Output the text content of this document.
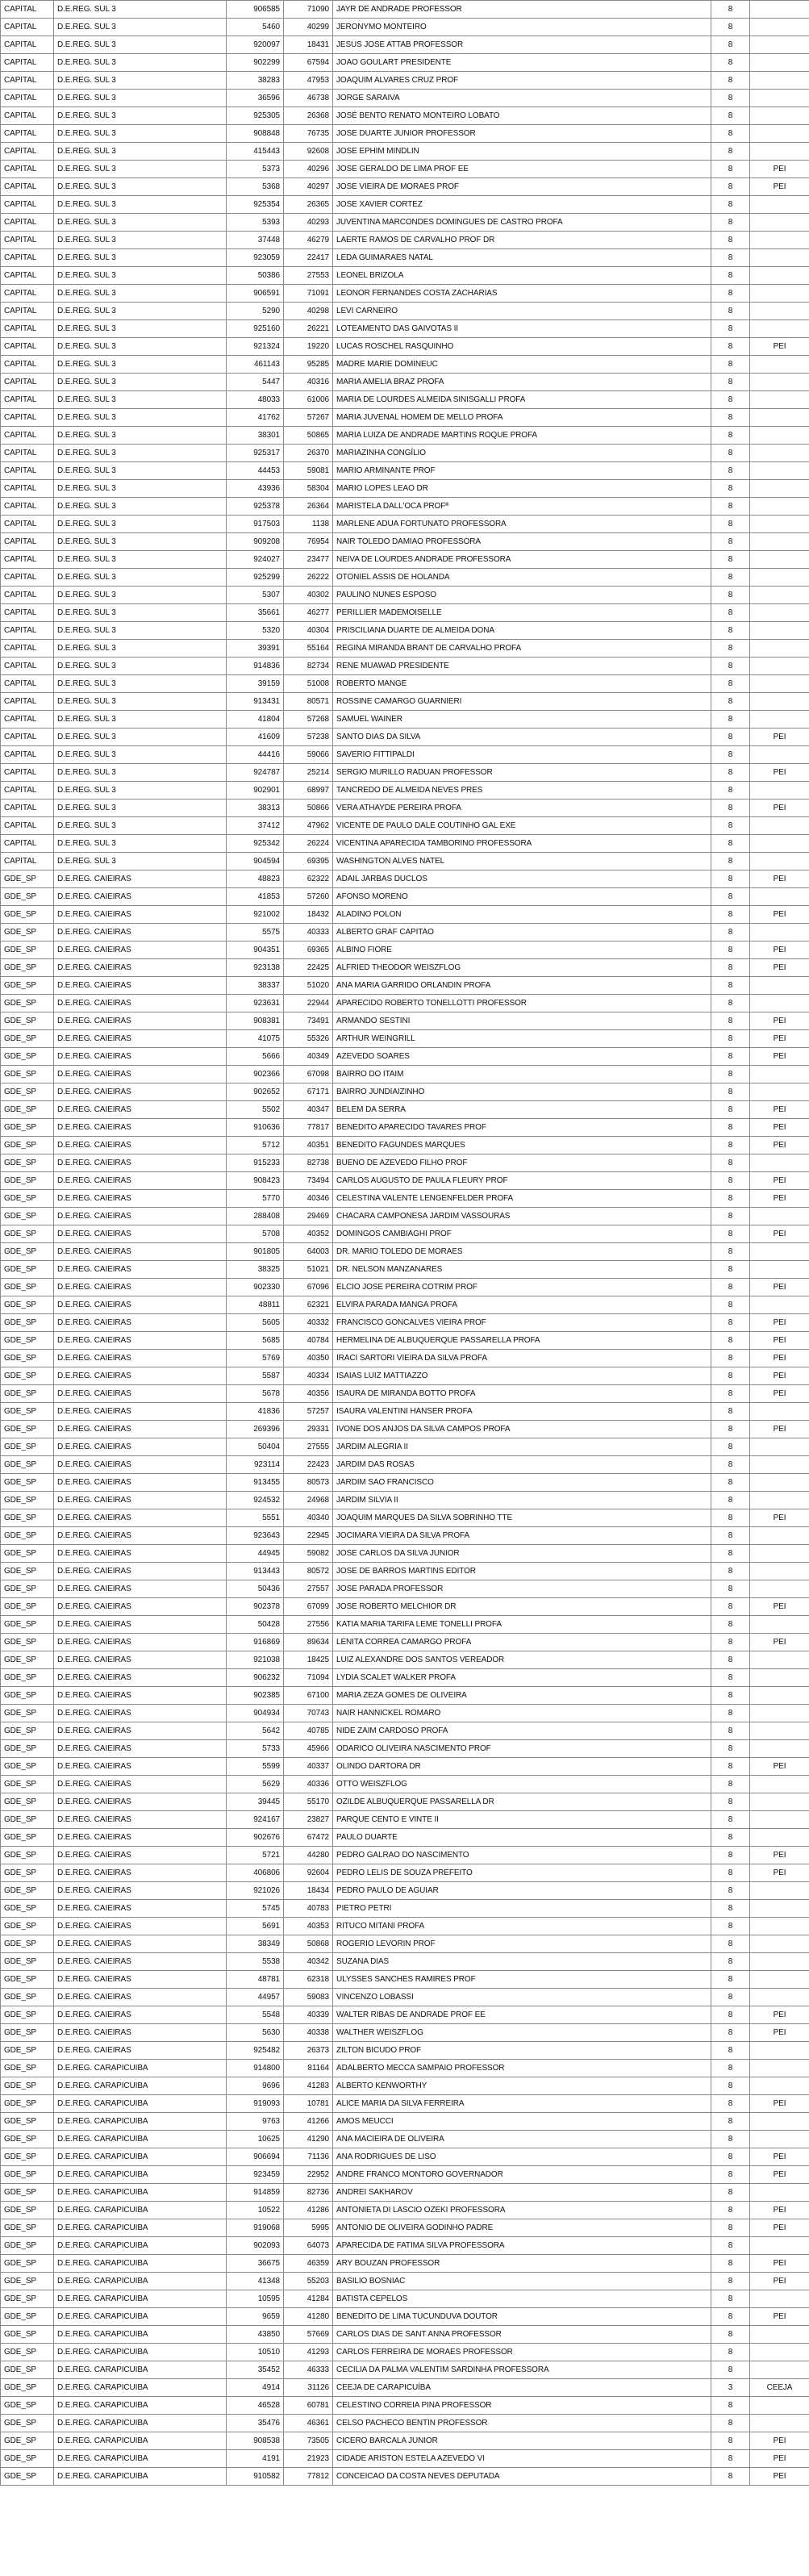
CAPITAL	D.E.REG. SUL 3	906585	71090	JAYR DE ANDRADE PROFESSOR	8	
CAPITAL	D.E.REG. SUL 3	5460	40299	JERONYMO MONTEIRO	8	
CAPITAL	D.E.REG. SUL 3	920097	18431	JESUS JOSE ATTAB PROFESSOR	8	
CAPITAL	D.E.REG. SUL 3	902299	67594	JOAO GOULART PRESIDENTE	8	
CAPITAL	D.E.REG. SUL 3	38283	47953	JOAQUIM ALVARES CRUZ PROF	8	
CAPITAL	D.E.REG. SUL 3	36596	46738	JORGE SARAIVA	8	
CAPITAL	D.E.REG. SUL 3	925305	26368	JOSÉ BENTO RENATO MONTEIRO LOBATO	8	
CAPITAL	D.E.REG. SUL 3	908848	76735	JOSE DUARTE JUNIOR PROFESSOR	8	
CAPITAL	D.E.REG. SUL 3	415443	92608	JOSE EPHIM MINDLIN	8	
CAPITAL	D.E.REG. SUL 3	5373	40296	JOSE GERALDO DE LIMA PROF EE	8	PEI
CAPITAL	D.E.REG. SUL 3	5368	40297	JOSE VIEIRA DE MORAES PROF	8	PEI
CAPITAL	D.E.REG. SUL 3	925354	26365	JOSE XAVIER CORTEZ	8	
CAPITAL	D.E.REG. SUL 3	5393	40293	JUVENTINA MARCONDES DOMINGUES DE CASTRO PROFA	8	
CAPITAL	D.E.REG. SUL 3	37448	46279	LAERTE RAMOS DE CARVALHO PROF DR	8	
CAPITAL	D.E.REG. SUL 3	923059	22417	LEDA GUIMARAES NATAL	8	
CAPITAL	D.E.REG. SUL 3	50386	27553	LEONEL BRIZOLA	8	
CAPITAL	D.E.REG. SUL 3	906591	71091	LEONOR FERNANDES COSTA ZACHARIAS	8	
CAPITAL	D.E.REG. SUL 3	5290	40298	LEVI CARNEIRO	8	
CAPITAL	D.E.REG. SUL 3	925160	26221	LOTEAMENTO DAS GAIVOTAS II	8	
CAPITAL	D.E.REG. SUL 3	921324	19220	LUCAS ROSCHEL RASQUINHO	8	PEI
CAPITAL	D.E.REG. SUL 3	461143	95285	MADRE MARIE DOMINEUC	8	
CAPITAL	D.E.REG. SUL 3	5447	40316	MARIA AMELIA BRAZ PROFA	8	
CAPITAL	D.E.REG. SUL 3	48033	61006	MARIA DE LOURDES ALMEIDA SINISGALLI PROFA	8	
CAPITAL	D.E.REG. SUL 3	41762	57267	MARIA JUVENAL HOMEM DE MELLO PROFA	8	
CAPITAL	D.E.REG. SUL 3	38301	50865	MARIA LUIZA DE ANDRADE MARTINS ROQUE PROFA	8	
CAPITAL	D.E.REG. SUL 3	925317	26370	MARIAZINHA CONGÍLIO	8	
CAPITAL	D.E.REG. SUL 3	44453	59081	MARIO ARMINANTE PROF	8	
CAPITAL	D.E.REG. SUL 3	43936	58304	MARIO LOPES LEAO DR	8	
CAPITAL	D.E.REG. SUL 3	925378	26364	MARISTELA DALL'OCA PROFª	8	
CAPITAL	D.E.REG. SUL 3	917503	1138	MARLENE ADUA FORTUNATO PROFESSORA	8	
CAPITAL	D.E.REG. SUL 3	909208	76954	NAIR TOLEDO DAMIAO PROFESSORA	8	
CAPITAL	D.E.REG. SUL 3	924027	23477	NEIVA DE LOURDES ANDRADE PROFESSORA	8	
CAPITAL	D.E.REG. SUL 3	925299	26222	OTONIEL ASSIS DE HOLANDA	8	
CAPITAL	D.E.REG. SUL 3	5307	40302	PAULINO NUNES ESPOSO	8	
CAPITAL	D.E.REG. SUL 3	35661	46277	PERILLIER MADEMOISELLE	8	
CAPITAL	D.E.REG. SUL 3	5320	40304	PRISCILIANA DUARTE DE ALMEIDA DONA	8	
CAPITAL	D.E.REG. SUL 3	39391	55164	REGINA MIRANDA BRANT DE CARVALHO PROFA	8	
CAPITAL	D.E.REG. SUL 3	914836	82734	RENE MUAWAD PRESIDENTE	8	
CAPITAL	D.E.REG. SUL 3	39159	51008	ROBERTO MANGE	8	
CAPITAL	D.E.REG. SUL 3	913431	80571	ROSSINE CAMARGO GUARNIERI	8	
CAPITAL	D.E.REG. SUL 3	41804	57268	SAMUEL WAINER	8	
CAPITAL	D.E.REG. SUL 3	41609	57238	SANTO DIAS DA SILVA	8	PEI
CAPITAL	D.E.REG. SUL 3	44416	59066	SAVERIO FITTIPALDI	8	
CAPITAL	D.E.REG. SUL 3	924787	25214	SERGIO MURILLO RADUAN PROFESSOR	8	PEI
CAPITAL	D.E.REG. SUL 3	902901	68997	TANCREDO DE ALMEIDA NEVES PRES	8	
CAPITAL	D.E.REG. SUL 3	38313	50866	VERA ATHAYDE PEREIRA PROFA	8	PEI
CAPITAL	D.E.REG. SUL 3	37412	47962	VICENTE DE PAULO DALE COUTINHO GAL EXE	8	
CAPITAL	D.E.REG. SUL 3	925342	26224	VICENTINA APARECIDA TAMBORINO PROFESSORA	8	
CAPITAL	D.E.REG. SUL 3	904594	69395	WASHINGTON ALVES NATEL	8	
GDE_SP	D.E.REG. CAIEIRAS	48823	62322	ADAIL JARBAS DUCLOS	8	PEI
GDE_SP	D.E.REG. CAIEIRAS	41853	57260	AFONSO MORENO	8	
GDE_SP	D.E.REG. CAIEIRAS	921002	18432	ALADINO POLON	8	PEI
GDE_SP	D.E.REG. CAIEIRAS	5575	40333	ALBERTO GRAF CAPITAO	8	
GDE_SP	D.E.REG. CAIEIRAS	904351	69365	ALBINO FIORE	8	PEI
GDE_SP	D.E.REG. CAIEIRAS	923138	22425	ALFRIED THEODOR WEISZFLOG	8	PEI
GDE_SP	D.E.REG. CAIEIRAS	38337	51020	ANA MARIA GARRIDO ORLANDIN PROFA	8	
GDE_SP	D.E.REG. CAIEIRAS	923631	22944	APARECIDO ROBERTO TONELLOTTI PROFESSOR	8	
GDE_SP	D.E.REG. CAIEIRAS	908381	73491	ARMANDO SESTINI	8	PEI
GDE_SP	D.E.REG. CAIEIRAS	41075	55326	ARTHUR WEINGRILL	8	PEI
GDE_SP	D.E.REG. CAIEIRAS	5666	40349	AZEVEDO SOARES	8	PEI
GDE_SP	D.E.REG. CAIEIRAS	902366	67098	BAIRRO DO ITAIM	8	
GDE_SP	D.E.REG. CAIEIRAS	902652	67171	BAIRRO JUNDIAIZINHO	8	
GDE_SP	D.E.REG. CAIEIRAS	5502	40347	BELEM DA SERRA	8	PEI
GDE_SP	D.E.REG. CAIEIRAS	910636	77817	BENEDITO APARECIDO TAVARES PROF	8	PEI
GDE_SP	D.E.REG. CAIEIRAS	5712	40351	BENEDITO FAGUNDES MARQUES	8	PEI
GDE_SP	D.E.REG. CAIEIRAS	915233	82738	BUENO DE AZEVEDO FILHO PROF	8	
GDE_SP	D.E.REG. CAIEIRAS	908423	73494	CARLOS AUGUSTO DE PAULA FLEURY PROF	8	PEI
GDE_SP	D.E.REG. CAIEIRAS	5770	40346	CELESTINA VALENTE LENGENFELDER PROFA	8	PEI
GDE_SP	D.E.REG. CAIEIRAS	288408	29469	CHACARA CAMPONESA JARDIM VASSOURAS	8	
GDE_SP	D.E.REG. CAIEIRAS	5708	40352	DOMINGOS CAMBIAGHI PROF	8	PEI
GDE_SP	D.E.REG. CAIEIRAS	901805	64003	DR. MARIO TOLEDO DE MORAES	8	
GDE_SP	D.E.REG. CAIEIRAS	38325	51021	DR. NELSON MANZANARES	8	
GDE_SP	D.E.REG. CAIEIRAS	902330	67096	ELCIO JOSE PEREIRA COTRIM PROF	8	PEI
GDE_SP	D.E.REG. CAIEIRAS	48811	62321	ELVIRA PARADA MANGA PROFA	8	
GDE_SP	D.E.REG. CAIEIRAS	5605	40332	FRANCISCO GONCALVES VIEIRA PROF	8	PEI
GDE_SP	D.E.REG. CAIEIRAS	5685	40784	HERMELINA DE ALBUQUERQUE PASSARELLA PROFA	8	PEI
GDE_SP	D.E.REG. CAIEIRAS	5769	40350	IRACI SARTORI VIEIRA DA SILVA PROFA	8	PEI
GDE_SP	D.E.REG. CAIEIRAS	5587	40334	ISAIAS LUIZ MATTIAZZO	8	PEI
GDE_SP	D.E.REG. CAIEIRAS	5678	40356	ISAURA DE MIRANDA BOTTO PROFA	8	PEI
GDE_SP	D.E.REG. CAIEIRAS	41836	57257	ISAURA VALENTINI HANSER PROFA	8	
GDE_SP	D.E.REG. CAIEIRAS	269396	29331	IVONE DOS ANJOS DA SILVA CAMPOS PROFA	8	PEI
GDE_SP	D.E.REG. CAIEIRAS	50404	27555	JARDIM ALEGRIA II	8	
GDE_SP	D.E.REG. CAIEIRAS	923114	22423	JARDIM DAS ROSAS	8	
GDE_SP	D.E.REG. CAIEIRAS	913455	80573	JARDIM SAO FRANCISCO	8	
GDE_SP	D.E.REG. CAIEIRAS	924532	24968	JARDIM SILVIA II	8	
GDE_SP	D.E.REG. CAIEIRAS	5551	40340	JOAQUIM MARQUES DA SILVA SOBRINHO TTE	8	PEI
GDE_SP	D.E.REG. CAIEIRAS	923643	22945	JOCIMARA VIEIRA DA SILVA PROFA	8	
GDE_SP	D.E.REG. CAIEIRAS	44945	59082	JOSE CARLOS DA SILVA JUNIOR	8	
GDE_SP	D.E.REG. CAIEIRAS	913443	80572	JOSE DE BARROS MARTINS EDITOR	8	
GDE_SP	D.E.REG. CAIEIRAS	50436	27557	JOSE PARADA PROFESSOR	8	
GDE_SP	D.E.REG. CAIEIRAS	902378	67099	JOSE ROBERTO MELCHIOR DR	8	PEI
GDE_SP	D.E.REG. CAIEIRAS	50428	27556	KATIA MARIA TARIFA LEME TONELLI PROFA	8	
GDE_SP	D.E.REG. CAIEIRAS	916869	89634	LENITA CORREA CAMARGO PROFA	8	PEI
GDE_SP	D.E.REG. CAIEIRAS	921038	18425	LUIZ ALEXANDRE DOS SANTOS VEREADOR	8	
GDE_SP	D.E.REG. CAIEIRAS	906232	71094	LYDIA SCALET WALKER PROFA	8	
GDE_SP	D.E.REG. CAIEIRAS	902385	67100	MARIA ZEZA GOMES DE OLIVEIRA	8	
GDE_SP	D.E.REG. CAIEIRAS	904934	70743	NAIR HANNICKEL ROMARO	8	
GDE_SP	D.E.REG. CAIEIRAS	5642	40785	NIDE ZAIM CARDOSO PROFA	8	
GDE_SP	D.E.REG. CAIEIRAS	5733	45966	ODARICO OLIVEIRA NASCIMENTO PROF	8	
GDE_SP	D.E.REG. CAIEIRAS	5599	40337	OLINDO DARTORA DR	8	PEI
GDE_SP	D.E.REG. CAIEIRAS	5629	40336	OTTO WEISZFLOG	8	
GDE_SP	D.E.REG. CAIEIRAS	39445	55170	OZILDE ALBUQUERQUE PASSARELLA DR	8	
GDE_SP	D.E.REG. CAIEIRAS	924167	23827	PARQUE CENTO E VINTE II	8	
GDE_SP	D.E.REG. CAIEIRAS	902676	67472	PAULO DUARTE	8	
GDE_SP	D.E.REG. CAIEIRAS	5721	44280	PEDRO GALRAO DO NASCIMENTO	8	PEI
GDE_SP	D.E.REG. CAIEIRAS	406806	92604	PEDRO LELIS DE SOUZA PREFEITO	8	PEI
GDE_SP	D.E.REG. CAIEIRAS	921026	18434	PEDRO PAULO DE AGUIAR	8	
GDE_SP	D.E.REG. CAIEIRAS	5745	40783	PIETRO PETRI	8	
GDE_SP	D.E.REG. CAIEIRAS	5691	40353	RITUCO MITANI PROFA	8	
GDE_SP	D.E.REG. CAIEIRAS	38349	50868	ROGERIO LEVORIN PROF	8	
GDE_SP	D.E.REG. CAIEIRAS	5538	40342	SUZANA DIAS	8	
GDE_SP	D.E.REG. CAIEIRAS	48781	62318	ULYSSES SANCHES RAMIRES PROF	8	
GDE_SP	D.E.REG. CAIEIRAS	44957	59083	VINCENZO LOBASSI	8	
GDE_SP	D.E.REG. CAIEIRAS	5548	40339	WALTER RIBAS DE ANDRADE PROF EE	8	PEI
GDE_SP	D.E.REG. CAIEIRAS	5630	40338	WALTHER WEISZFLOG	8	PEI
GDE_SP	D.E.REG. CAIEIRAS	925482	26373	ZILTON BICUDO PROF	8	
GDE_SP	D.E.REG. CARAPICUIBA	914800	81164	ADALBERTO MECCA SAMPAIO PROFESSOR	8	
GDE_SP	D.E.REG. CARAPICUIBA	9696	41283	ALBERTO KENWORTHY	8	
GDE_SP	D.E.REG. CARAPICUIBA	919093	10781	ALICE MARIA DA SILVA FERREIRA	8	PEI
GDE_SP	D.E.REG. CARAPICUIBA	9763	41266	AMOS MEUCCI	8	
GDE_SP	D.E.REG. CARAPICUIBA	10625	41290	ANA MACIEIRA DE OLIVEIRA	8	
GDE_SP	D.E.REG. CARAPICUIBA	906694	71136	ANA RODRIGUES DE LISO	8	PEI
GDE_SP	D.E.REG. CARAPICUIBA	923459	22952	ANDRE FRANCO MONTORO GOVERNADOR	8	PEI
GDE_SP	D.E.REG. CARAPICUIBA	914859	82736	ANDREI SAKHAROV	8	
GDE_SP	D.E.REG. CARAPICUIBA	10522	41286	ANTONIETA DI LASCIO OZEKI PROFESSORA	8	PEI
GDE_SP	D.E.REG. CARAPICUIBA	919068	5995	ANTONIO DE OLIVEIRA GODINHO PADRE	8	PEI
GDE_SP	D.E.REG. CARAPICUIBA	902093	64073	APARECIDA DE FATIMA SILVA PROFESSORA	8	
GDE_SP	D.E.REG. CARAPICUIBA	36675	46359	ARY BOUZAN PROFESSOR	8	PEI
GDE_SP	D.E.REG. CARAPICUIBA	41348	55203	BASILIO BOSNIAC	8	PEI
GDE_SP	D.E.REG. CARAPICUIBA	10595	41284	BATISTA CEPELOS	8	
GDE_SP	D.E.REG. CARAPICUIBA	9659	41280	BENEDITO DE LIMA TUCUNDUVA DOUTOR	8	PEI
GDE_SP	D.E.REG. CARAPICUIBA	43850	57669	CARLOS DIAS DE SANT ANNA PROFESSOR	8	
GDE_SP	D.E.REG. CARAPICUIBA	10510	41293	CARLOS FERREIRA DE MORAES PROFESSOR	8	
GDE_SP	D.E.REG. CARAPICUIBA	35452	46333	CECILIA DA PALMA VALENTIM SARDINHA PROFESSORA	8	
GDE_SP	D.E.REG. CARAPICUIBA	4914	31126	CEEJA DE CARAPICUÍBA	3	CEEJA
GDE_SP	D.E.REG. CARAPICUIBA	46528	60781	CELESTINO CORREIA PINA PROFESSOR	8	
GDE_SP	D.E.REG. CARAPICUIBA	35476	46361	CELSO PACHECO BENTIN PROFESSOR	8	
GDE_SP	D.E.REG. CARAPICUIBA	908538	73505	CICERO BARCALA JUNIOR	8	PEI
GDE_SP	D.E.REG. CARAPICUIBA	4191	21923	CIDADE ARISTON ESTELA AZEVEDO VI	8	PEI
GDE_SP	D.E.REG. CARAPICUIBA	910582	77812	CONCEICAO DA COSTA NEVES DEPUTADA	8	PEI
